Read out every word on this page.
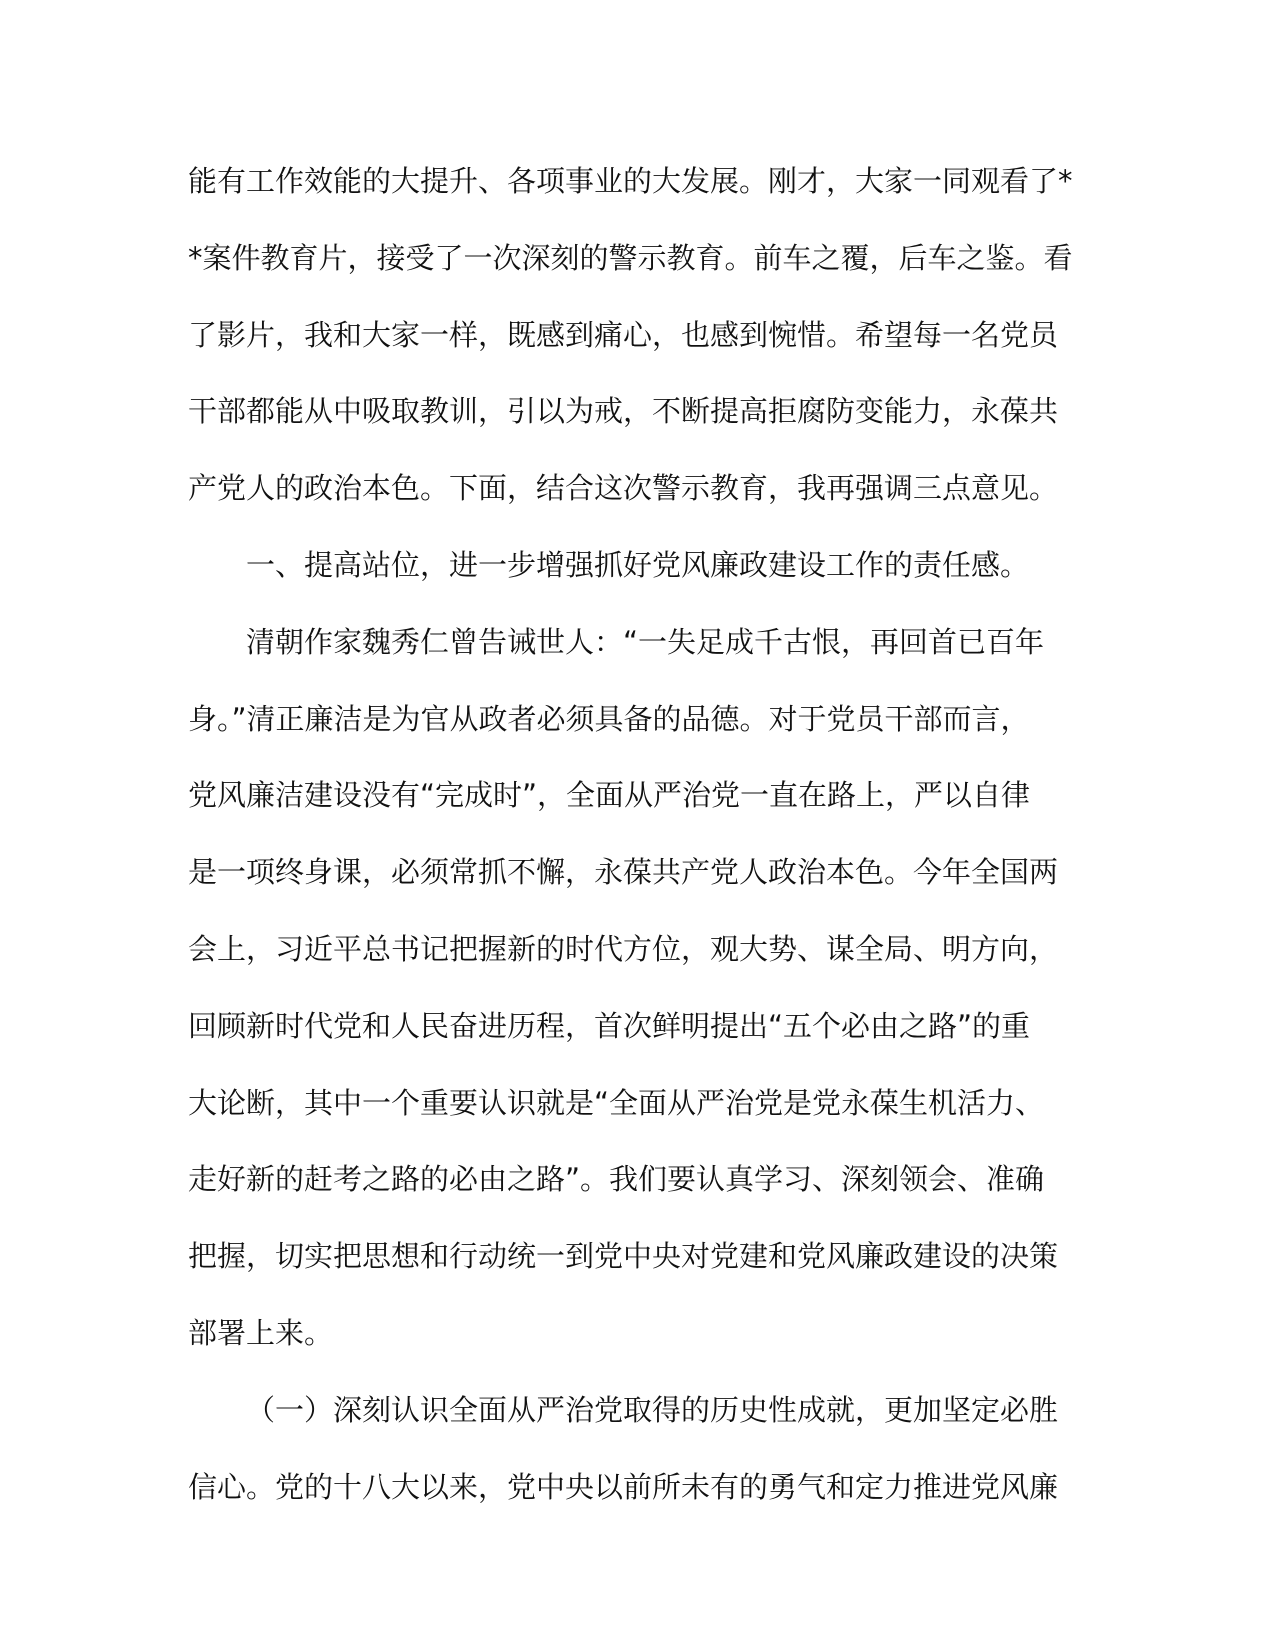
能有工作效能的大提升、各项事业的大发展。刚才，大家一同观看了*
*案件教育片，接受了一次深刻的警示教育。前车之覆，后车之鉴。看
了影片，我和大家一样，既感到痛心，也感到惋惜。希望每一名党员
干部都能从中吸取教训，引以为戒，不断提高拒腐防变能力，永葆共
产党人的政治本色。下面，结合这次警示教育，我再强调三点意见。
一、提高站位，进一步增强抓好党风廉政建设工作的责任感。
清朝作家魏秀仁曾告诫世人：“一失足成千古恨，再回首已百年
身。”清正廉洁是为官从政者必须具备的品德。对于党员干部而言，
党风廉洁建设没有“完成时”，全面从严治党一直在路上，严以自律
是一项终身课，必须常抓不懈，永葆共产党人政治本色。今年全国两
会上，习近平总书记把握新的时代方位，观大势、谋全局、明方向，
回顾新时代党和人民奋进历程，首次鲜明提出“五个必由之路”的重
大论断，其中一个重要认识就是“全面从严治党是党永葆生机活力、
走好新的赶考之路的必由之路”。我们要认真学习、深刻领会、准确
把握，切实把思想和行动统一到党中央对党建和党风廉政建设的决策
部署上来。
（一）深刻认识全面从严治党取得的历史性成就，更加坚定必胜
信心。党的十八大以来，党中央以前所未有的勇气和定力推进党风廉
